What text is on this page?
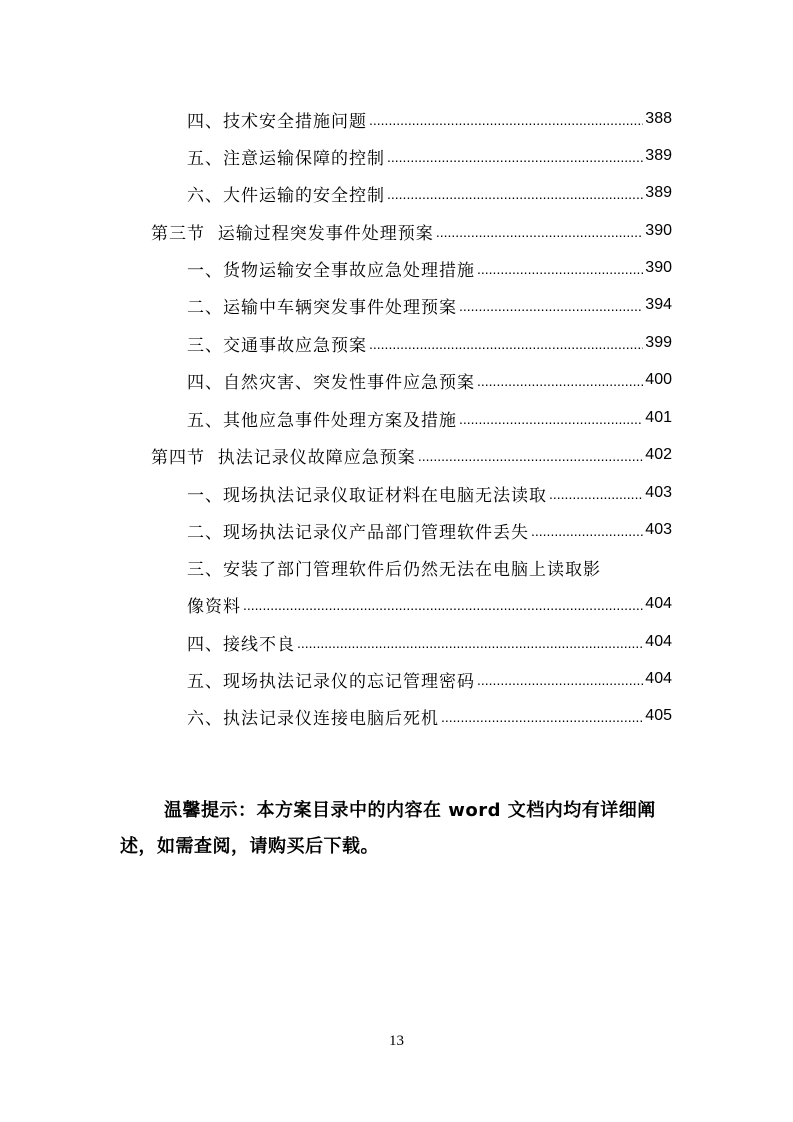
四、技术安全措施问题 .....	388
五、注意运输保障的控制 .....	389
六、大件运输的安全控制 .....	389
第三节  运输过程突发事件处理预案 .....	390
一、货物运输安全事故应急处理措施 .....	390
二、运输中车辆突发事件处理预案 .....	394
三、交通事故应急预案 .....	399
四、自然灾害、突发性事件应急预案 .....	400
五、其他应急事件处理方案及措施 .....	401
第四节  执法记录仪故障应急预案 .....	402
一、现场执法记录仪取证材料在电脑无法读取 .....	403
二、现场执法记录仪产品部门管理软件丢失 .....	403
三、安装了部门管理软件后仍然无法在电脑上读取影
像资料 .....	404
四、接线不良 .....	404
五、现场执法记录仪的忘记管理密码 .....	404
六、执法记录仪连接电脑后死机 .....	405

温馨提示：本方案目录中的内容在 word 文档内均有详细阐述，如需查阅，请购买后下载。

13
